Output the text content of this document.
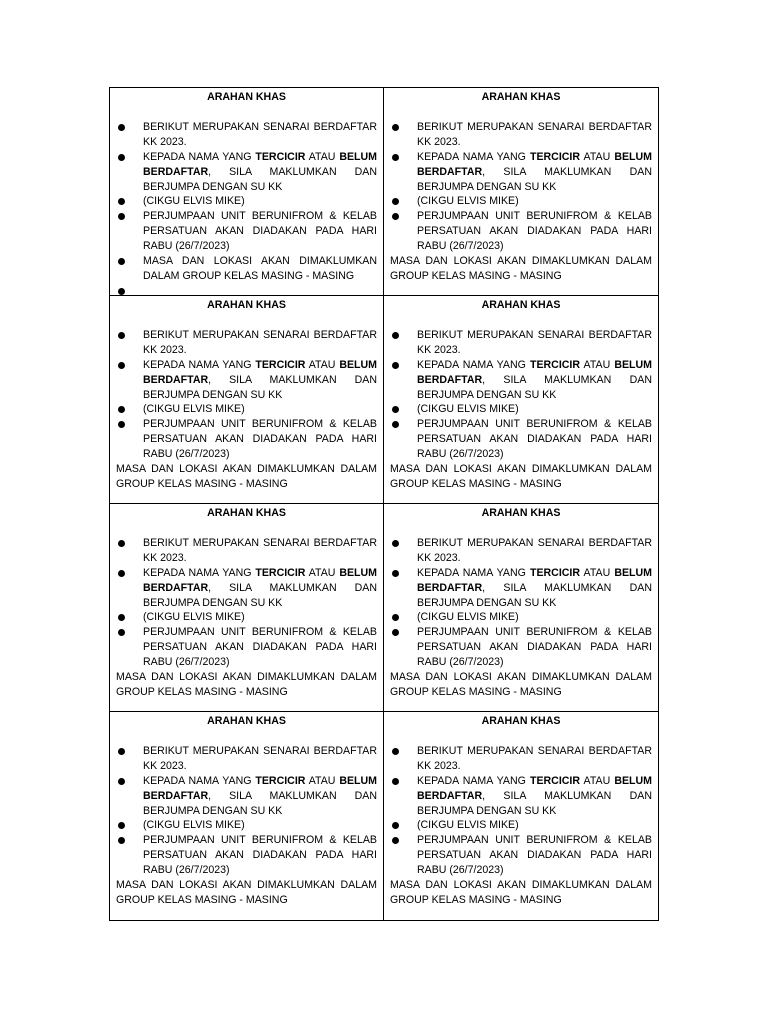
ARAHAN KHAS
BERIKUT MERUPAKAN SENARAI BERDAFTAR KK 2023.
KEPADA NAMA YANG TERCICIR ATAU BELUM BERDAFTAR, SILA MAKLUMKAN DAN BERJUMPA DENGAN SU KK
(CIKGU ELVIS MIKE)
PERJUMPAAN UNIT BERUNIFROM & KELAB PERSATUAN AKAN DIADAKAN PADA HARI RABU (26/7/2023)
MASA DAN LOKASI AKAN DIMAKLUMKAN DALAM GROUP KELAS MASING - MASING
ARAHAN KHAS
BERIKUT MERUPAKAN SENARAI BERDAFTAR KK 2023.
KEPADA NAMA YANG TERCICIR ATAU BELUM BERDAFTAR, SILA MAKLUMKAN DAN BERJUMPA DENGAN SU KK
(CIKGU ELVIS MIKE)
PERJUMPAAN UNIT BERUNIFROM & KELAB PERSATUAN AKAN DIADAKAN PADA HARI RABU (26/7/2023)

MASA DAN LOKASI AKAN DIMAKLUMKAN DALAM GROUP KELAS MASING - MASING

ARAHAN KHAS
BERIKUT MERUPAKAN SENARAI BERDAFTAR KK 2023.
KEPADA NAMA YANG TERCICIR ATAU BELUM BERDAFTAR, SILA MAKLUMKAN DAN BERJUMPA DENGAN SU KK
(CIKGU ELVIS MIKE)
PERJUMPAAN UNIT BERUNIFROM & KELAB PERSATUAN AKAN DIADAKAN PADA HARI RABU (26/7/2023)

MASA DAN LOKASI AKAN DIMAKLUMKAN DALAM GROUP KELAS MASING - MASING

ARAHAN KHAS
BERIKUT MERUPAKAN SENARAI BERDAFTAR KK 2023.
KEPADA NAMA YANG TERCICIR ATAU BELUM BERDAFTAR, SILA MAKLUMKAN DAN BERJUMPA DENGAN SU KK
(CIKGU ELVIS MIKE)
PERJUMPAAN UNIT BERUNIFROM & KELAB PERSATUAN AKAN DIADAKAN PADA HARI RABU (26/7/2023)

MASA DAN LOKASI AKAN DIMAKLUMKAN DALAM GROUP KELAS MASING - MASING

ARAHAN KHAS
BERIKUT MERUPAKAN SENARAI BERDAFTAR KK 2023.
KEPADA NAMA YANG TERCICIR ATAU BELUM BERDAFTAR, SILA MAKLUMKAN DAN BERJUMPA DENGAN SU KK
(CIKGU ELVIS MIKE)
PERJUMPAAN UNIT BERUNIFROM & KELAB PERSATUAN AKAN DIADAKAN PADA HARI RABU (26/7/2023)

MASA DAN LOKASI AKAN DIMAKLUMKAN DALAM GROUP KELAS MASING - MASING

ARAHAN KHAS
BERIKUT MERUPAKAN SENARAI BERDAFTAR KK 2023.
KEPADA NAMA YANG TERCICIR ATAU BELUM BERDAFTAR, SILA MAKLUMKAN DAN BERJUMPA DENGAN SU KK
(CIKGU ELVIS MIKE)
PERJUMPAAN UNIT BERUNIFROM & KELAB PERSATUAN AKAN DIADAKAN PADA HARI RABU (26/7/2023)

MASA DAN LOKASI AKAN DIMAKLUMKAN DALAM GROUP KELAS MASING - MASING

ARAHAN KHAS
BERIKUT MERUPAKAN SENARAI BERDAFTAR KK 2023.
KEPADA NAMA YANG TERCICIR ATAU BELUM BERDAFTAR, SILA MAKLUMKAN DAN BERJUMPA DENGAN SU KK
(CIKGU ELVIS MIKE)
PERJUMPAAN UNIT BERUNIFROM & KELAB PERSATUAN AKAN DIADAKAN PADA HARI RABU (26/7/2023)

MASA DAN LOKASI AKAN DIMAKLUMKAN DALAM GROUP KELAS MASING - MASING

ARAHAN KHAS
BERIKUT MERUPAKAN SENARAI BERDAFTAR KK 2023.
KEPADA NAMA YANG TERCICIR ATAU BELUM BERDAFTAR, SILA MAKLUMKAN DAN BERJUMPA DENGAN SU KK
(CIKGU ELVIS MIKE)
PERJUMPAAN UNIT BERUNIFROM & KELAB PERSATUAN AKAN DIADAKAN PADA HARI RABU (26/7/2023)

MASA DAN LOKASI AKAN DIMAKLUMKAN DALAM GROUP KELAS MASING - MASING
